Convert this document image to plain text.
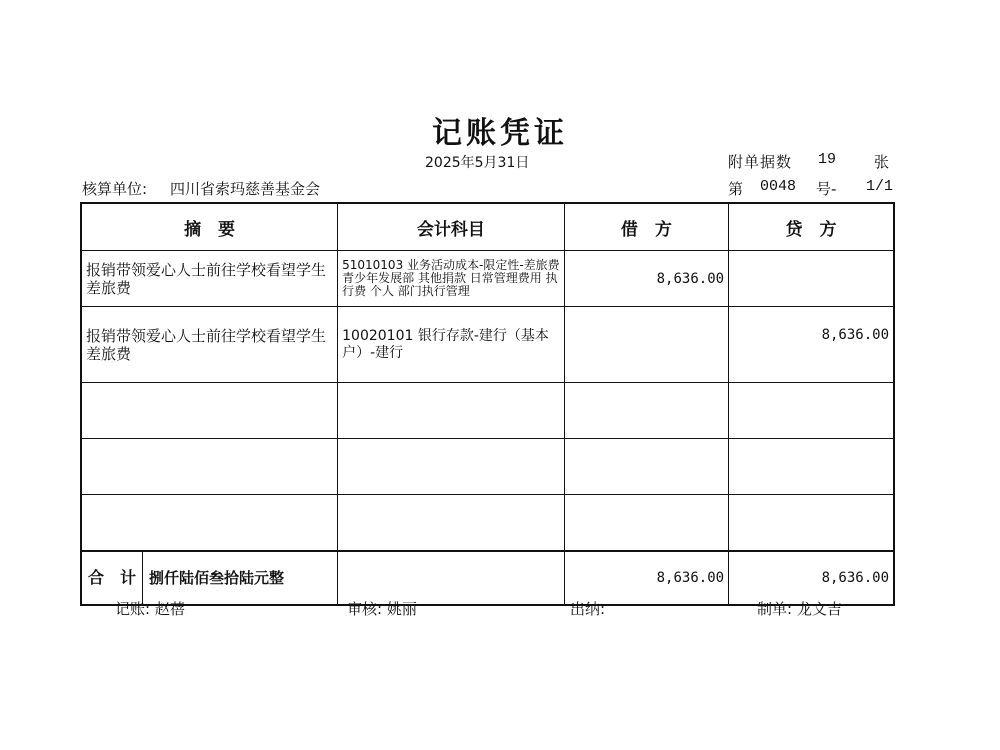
记账凭证
2025年5月31日	附单据数 19	张
核算单位: 四川省索玛慈善基金会	第 0048 号- 1/1
摘　要	会计科目	借　方	贷　方
报销带领爱心人士前往学校看望学生差旅费	51010103 业务活动成本-限定性-差旅费 青少年发展部 其他捐款 日常管理费用 执行费 个人 部门执行管理	8,636.00	
报销带领爱心人士前往学校看望学生差旅费	10020101 银行存款-建行（基本户）-建行		8,636.00

合　计 捌仟陆佰叁拾陆元整		8,636.00	8,636.00
记账: 赵蓓	审核: 姚丽	出纳:	制单: 龙文吉
